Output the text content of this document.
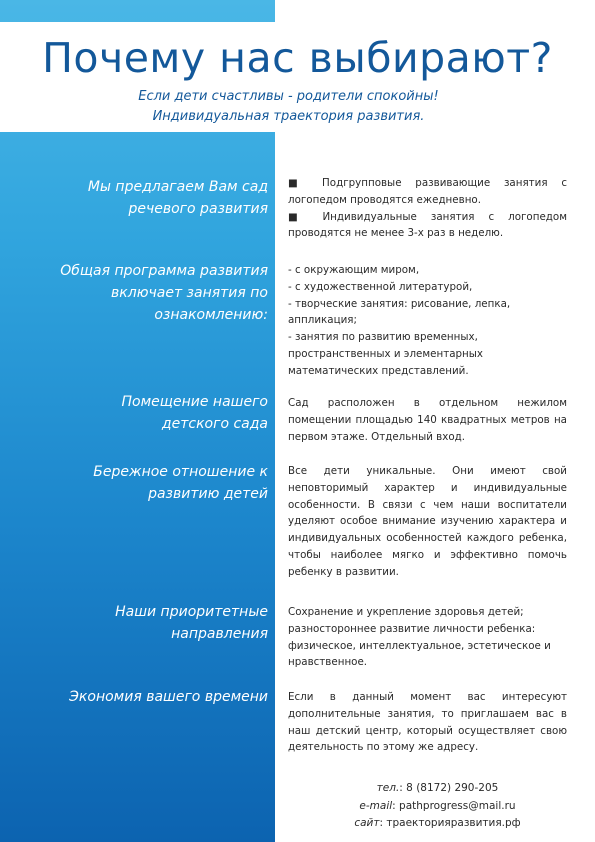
Почему нас выбирают?
Если дети счастливы - родители спокойны!
Индивидуальная траектория развития.
Мы предлагаем Вам сад
речевого развития

■ Подгрупповые развивающие занятия с логопедом проводятся ежедневно.

■ Индивидуальные занятия с логопедом проводятся не менее 3-х раз в неделю.

Общая программа развития
включает занятия по
ознакомлению:

- с окружающим миром,

- с художественной литературой,

- творческие занятия: рисование, лепка, аппликация;

- занятия по развитию временных, пространственных и элементарных математических представлений.

Помещение нашего
детского сада

Сад расположен в отдельном нежилом помещении площадью 140 квадратных метров на первом этаже. Отдельный вход.

Бережное отношение к
развитию детей

Все дети уникальные. Они имеют свой неповторимый характер и индивидуальные особенности. В связи с чем наши воспитатели уделяют особое внимание изучению характера и индивидуальных особенностей каждого ребенка, чтобы наиболее мягко и эффективно помочь ребенку в развитии.

Наши приоритетные
направления

Сохранение и укрепление здоровья детей; разностороннее развитие личности ребенка: физическое, интеллектуальное, эстетическое и нравственное.

Экономия вашего времени Если в данный момент вас интересуют дополнительные занятия, то приглашаем вас в наш детский центр, который осуществляет свою деятельность по этому же адресу.

тел.: 8 (8172) 290-205
e-mail: pathprogress@mail.ru
сайт: траекторияразвития.рф
